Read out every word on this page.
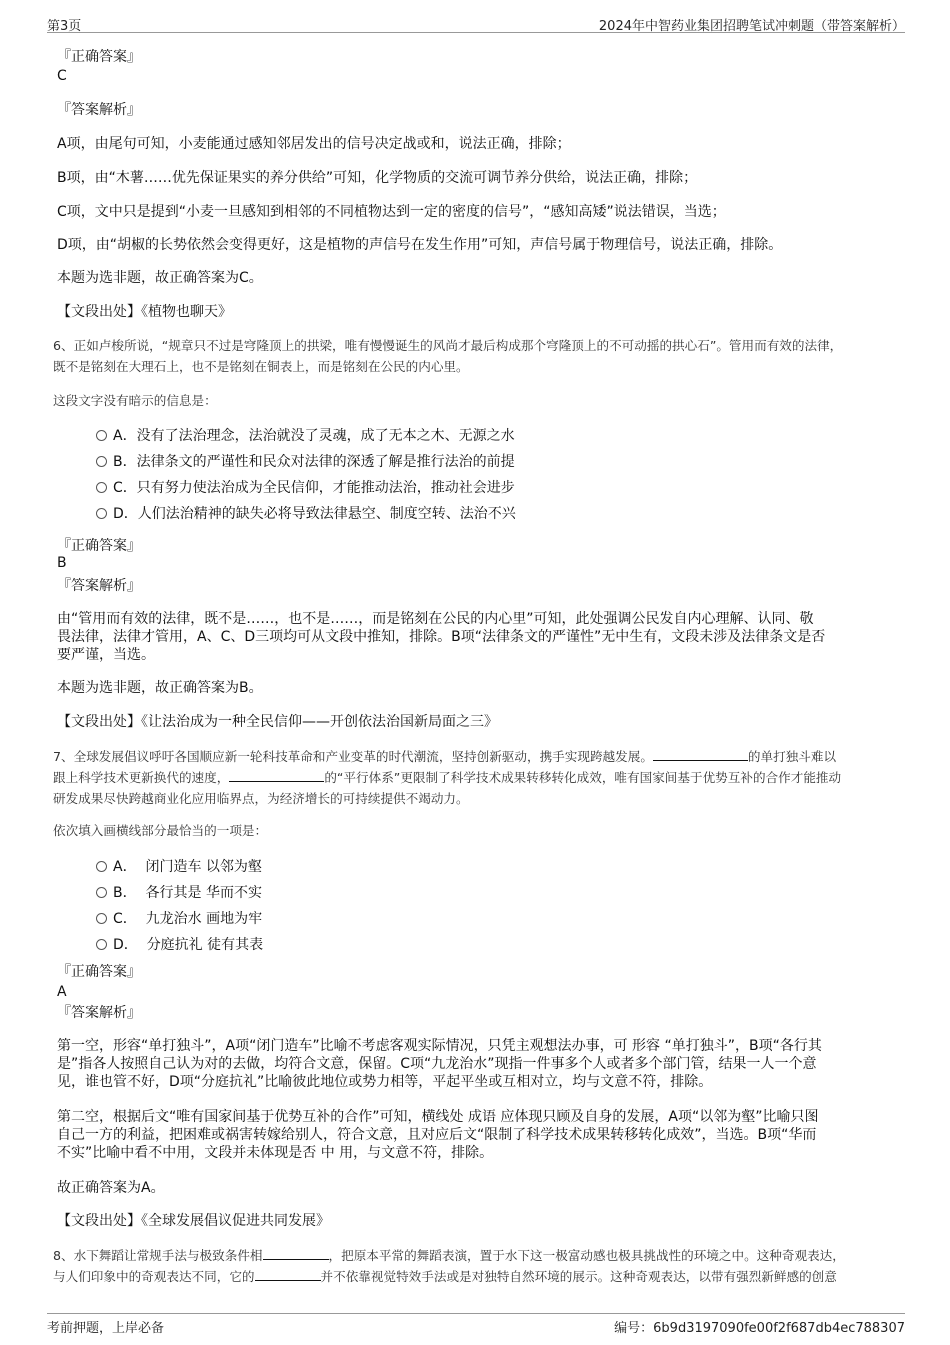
第3页	2024年中智药业集团招聘笔试冲刺题（带答案解析）
『正确答案』
C
『答案解析』
A项，由尾句可知，小麦能通过感知邻居发出的信号决定战或和，说法正确，排除；
B项，由“木薯……优先保证果实的养分供给”可知，化学物质的交流可调节养分供给，说法正确，排除；
C项，文中只是提到“小麦一旦感知到相邻的不同植物达到一定的密度的信号”，“感知高矮”说法错误，当选；
D项，由“胡椒的长势依然会变得更好，这是植物的声信号在发生作用”可知，声信号属于物理信号，说法正确，排除。
本题为选非题，故正确答案为C。
【文段出处】《植物也聊天》
6、正如卢梭所说，“规章只不过是穹隆顶上的拱梁，唯有慢慢诞生的风尚才最后构成那个穹隆顶上的不可动摇的拱心石”。管用而有效的法律，
既不是铭刻在大理石上，也不是铭刻在铜表上，而是铭刻在公民的内心里。
这段文字没有暗示的信息是：
A．没有了法治理念，法治就没了灵魂，成了无本之木、无源之水
B．法律条文的严谨性和民众对法律的深透了解是推行法治的前提
C．只有努力使法治成为全民信仰，才能推动法治，推动社会进步
D．人们法治精神的缺失必将导致法律悬空、制度空转、法治不兴
『正确答案』
B
『答案解析』
由“管用而有效的法律，既不是……，也不是……，而是铭刻在公民的内心里”可知，此处强调公民发自内心理解、认同、敬
畏法律，法律才管用，A、C、D三项均可从文段中推知，排除。B项“法律条文的严谨性”无中生有，文段未涉及法律条文是否
要严谨，当选。
本题为选非题，故正确答案为B。
【文段出处】《让法治成为一种全民信仰——开创依法治国新局面之三》
7、全球发展倡议呼吁各国顺应新一轮科技革命和产业变革的时代潮流，坚持创新驱动，携手实现跨越发展。	的单打独斗难以
跟上科学技术更新换代的速度，	的“平行体系”更限制了科学技术成果转移转化成效，唯有国家间基于优势互补的合作才能推动
研发成果尽快跨越商业化应用临界点，为经济增长的可持续提供不竭动力。
依次填入画横线部分最恰当的一项是：
A． 闭门造车 以邻为壑
B． 各行其是 华而不实
C． 九龙治水 画地为牢
D． 分庭抗礼 徒有其表
『正确答案』
A
『答案解析』
第一空，形容“单打独斗”，A项“闭门造车”比喻不考虑客观实际情况，只凭主观想法办事，可 形容 “单打独斗”，B项“各行其
是”指各人按照自己认为对的去做，均符合文意，保留。C项“九龙治水”现指一件事多个人或者多个部门管，结果一人一个意
见，谁也管不好，D项“分庭抗礼”比喻彼此地位或势力相等，平起平坐或互相对立，均与文意不符，排除。
第二空，根据后文“唯有国家间基于优势互补的合作”可知，横线处 成语 应体现只顾及自身的发展，A项“以邻为壑”比喻只图
自己一方的利益，把困难或祸害转嫁给别人，符合文意，且对应后文“限制了科学技术成果转移转化成效”，当选。B项“华而
不实”比喻中看不中用，文段并未体现是否 中 用，与文意不符，排除。
故正确答案为A。
【文段出处】《全球发展倡议促进共同发展》
8、水下舞蹈让常规手法与极致条件相	，把原本平常的舞蹈表演，置于水下这一极富动感也极具挑战性的环境之中。这种奇观表达，
与人们印象中的奇观表达不同，它的	并不依靠视觉特效手法或是对独特自然环境的展示。这种奇观表达，以带有强烈新鲜感的创意
考前押题，上岸必备	编号：6b9d3197090fe00f2f687db4ec788307
